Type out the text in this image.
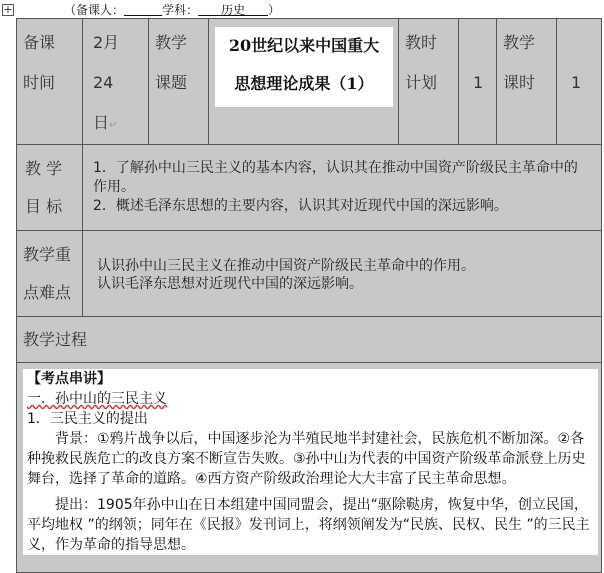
+	（备课人：	学科： 历史 ）
备课
时间
2月
24
日↵
教学
课题
20世纪以来中国重大
思想理论成果（1）
教时
计划 1
教学
课时 1
教 学
目 标
1．了解孙中山三民主义的基本内容，认识其在推动中国资产阶级民主革命中的作用。
2．概述毛泽东思想的主要内容，认识其对近现代中国的深远影响。
教学重
点难点
认识孙中山三民主义在推动中国资产阶级民主革命中的作用。
认识毛泽东思想对近现代中国的深远影响。
教学过程
【考点串讲】
一．孙中山的三民主义
1．三民主义的提出
背景：①鸦片战争以后，中国逐步沦为半殖民地半封建社会，民族危机不断加深。②各种挽救民族危亡的改良方案不断宣告失败。③孙中山为代表的中国资产阶级革命派登上历史舞台，选择了革命的道路。④西方资产阶级政治理论大大丰富了民主革命思想。
提出：1905年孙中山在日本组建中国同盟会，提出“驱除鞑虏，恢复中华，创立民国，平均地权 ”的纲领；同年在《民报》发刊词上，将纲领阐发为“民族、民权、民生 ”的三民主义，作为革命的指导思想。
